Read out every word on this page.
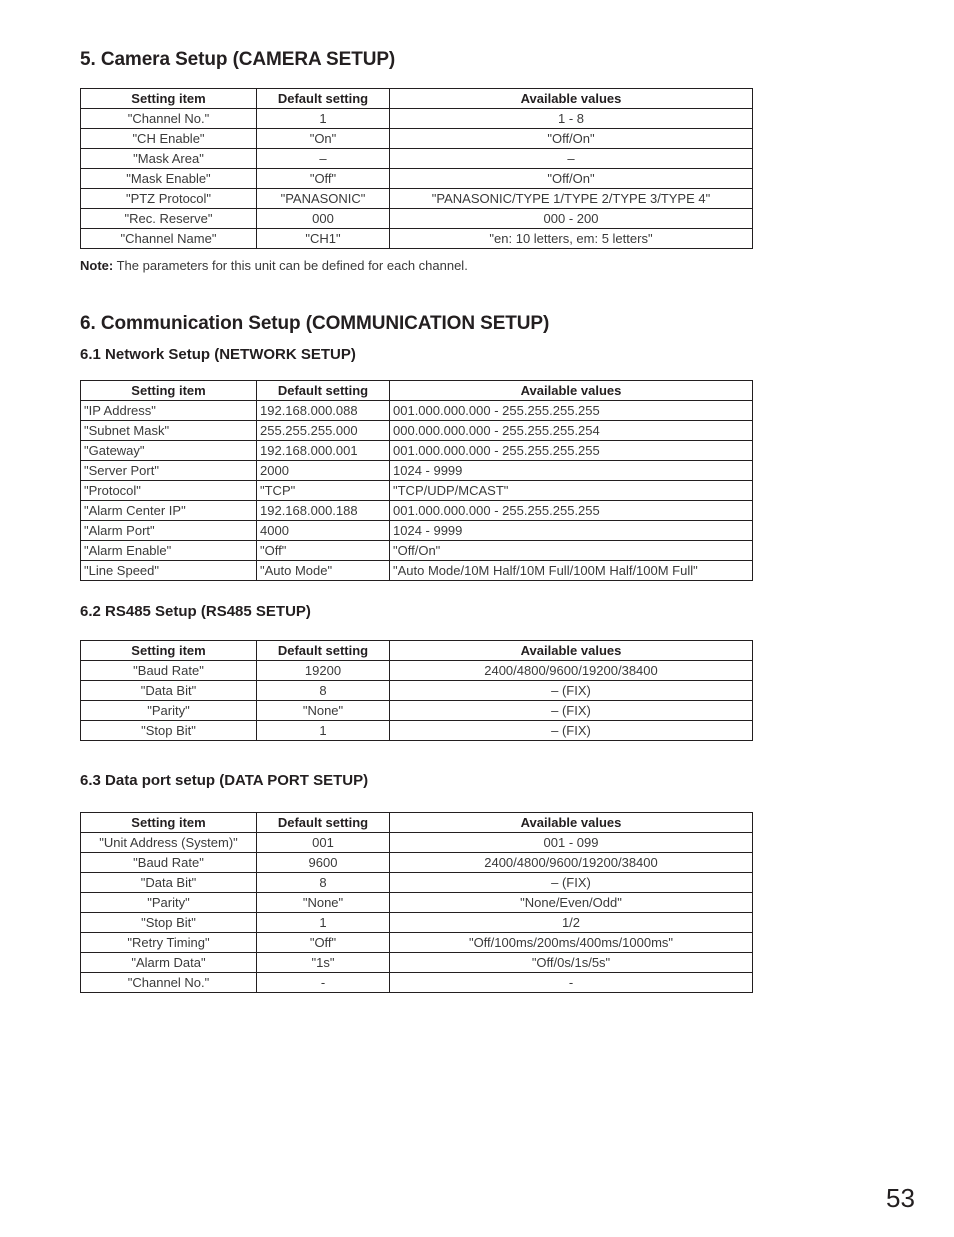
5. Camera Setup (CAMERA SETUP)
Setting item	Default setting	Available values
"Channel No."	1	1 - 8
"CH Enable"	"On"	"Off/On"
"Mask Area"	–	–
"Mask Enable"	"Off"	"Off/On"
"PTZ Protocol"	"PANASONIC"	"PANASONIC/TYPE 1/TYPE 2/TYPE 3/TYPE 4"
"Rec. Reserve"	000	000 - 200
"Channel Name"	"CH1"	"en: 10 letters, em: 5 letters"
Note: The parameters for this unit can be defined for each channel.
6. Communication Setup (COMMUNICATION SETUP)
6.1 Network Setup (NETWORK SETUP)
Setting item	Default setting	Available values
"IP Address"	192.168.000.088	001.000.000.000 - 255.255.255.255
"Subnet Mask"	255.255.255.000	000.000.000.000 - 255.255.255.254
"Gateway"	192.168.000.001	001.000.000.000 - 255.255.255.255
"Server Port"	2000	1024 - 9999
"Protocol"	"TCP"	"TCP/UDP/MCAST"
"Alarm Center IP"	192.168.000.188	001.000.000.000 - 255.255.255.255
"Alarm Port"	4000	1024 - 9999
"Alarm Enable"	"Off"	"Off/On"
"Line Speed"	"Auto Mode"	"Auto Mode/10M Half/10M Full/100M Half/100M Full"
6.2 RS485 Setup (RS485 SETUP)
Setting item	Default setting	Available values
"Baud Rate"	19200	2400/4800/9600/19200/38400
"Data Bit"	8	– (FIX)
"Parity"	"None"	– (FIX)
"Stop Bit"	1	– (FIX)
6.3 Data port setup (DATA PORT SETUP)
Setting item	Default setting	Available values
"Unit Address (System)"	001	001 - 099
"Baud Rate"	9600	2400/4800/9600/19200/38400
"Data Bit"	8	– (FIX)
"Parity"	"None"	"None/Even/Odd"
"Stop Bit"	1	1/2
"Retry Timing"	"Off"	"Off/100ms/200ms/400ms/1000ms"
"Alarm Data"	"1s"	"Off/0s/1s/5s"
"Channel No."	-	-
53
